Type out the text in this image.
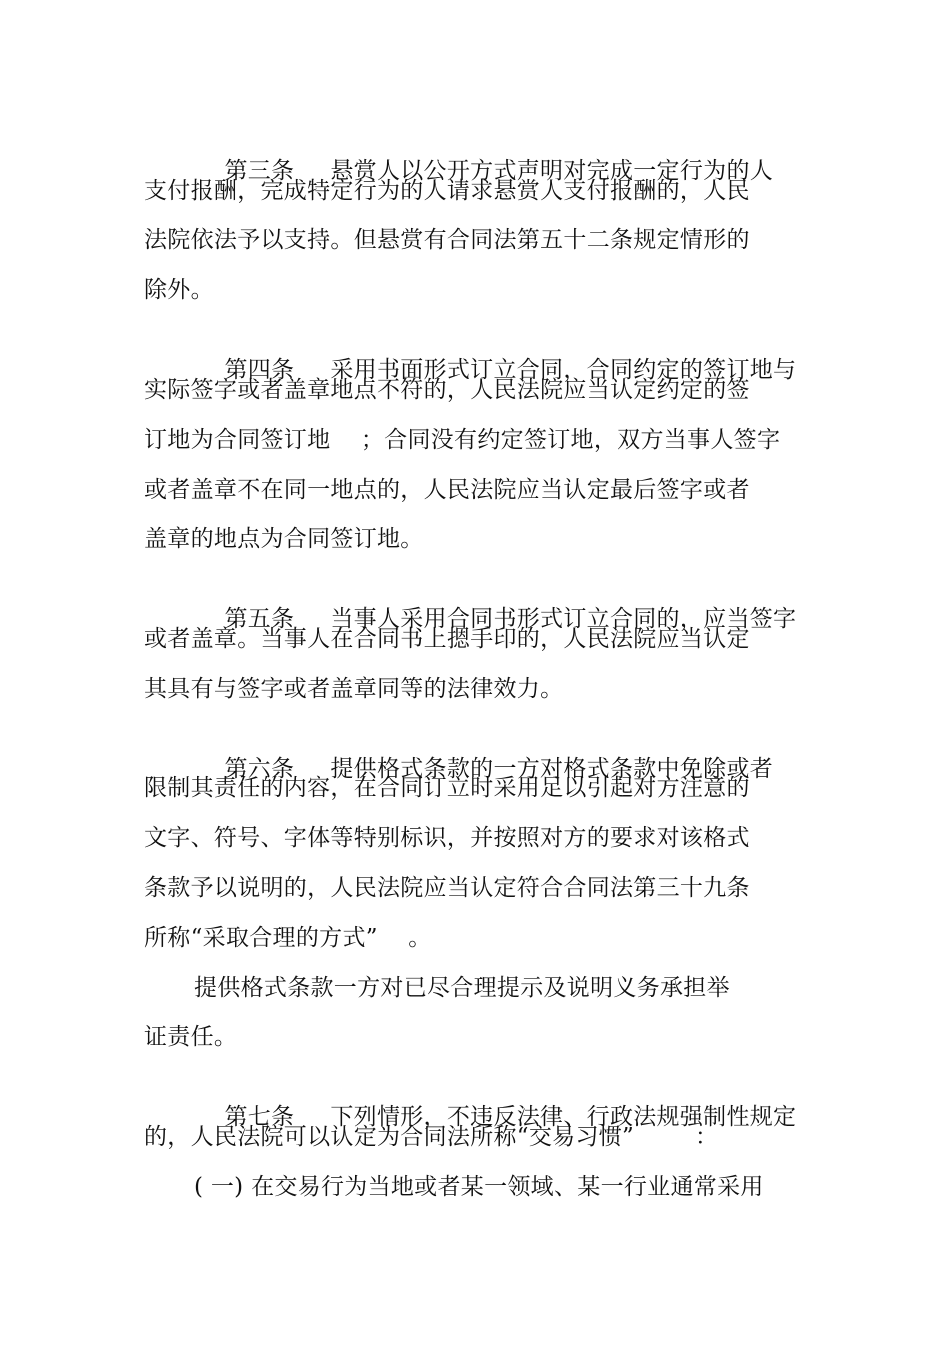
第三条 悬赏人以公开方式声明对完成一定行为的人

支付报酬，完成特定行为的人请求悬赏人支付报酬的，人民
法院依法予以支持。但悬赏有合同法第五十二条规定情形的
除外。

第四条 采用书面形式订立合同，合同约定的签订地与

实际签字或者盖章地点不符的，人民法院应当认定约定的签
订地为合同签订地    ；合同没有约定签订地，双方当事人签字
或者盖章不在同一地点的，人民法院应当认定最后签字或者
盖章的地点为合同签订地。

第五条 当事人采用合同书形式订立合同的，应当签字

或者盖章。当事人在合同书上摁手印的，人民法院应当认定
其具有与签字或者盖章同等的法律效力。

第六条 提供格式条款的一方对格式条款中免除或者

限制其责任的内容，在合同订立时采用足以引起对方注意的
文字、符号、字体等特别标识，并按照对方的要求对该格式
条款予以说明的，人民法院应当认定符合合同法第三十九条
所称“采取合理的方式”    。
提供格式条款一方对已尽合理提示及说明义务承担举
证责任。

第七条 下列情形，不违反法律、行政法规强制性规定

的，人民法院可以认定为合同法所称“交易习惯”        ：
( 一) 在交易行为当地或者某一领域、某一行业通常采用
